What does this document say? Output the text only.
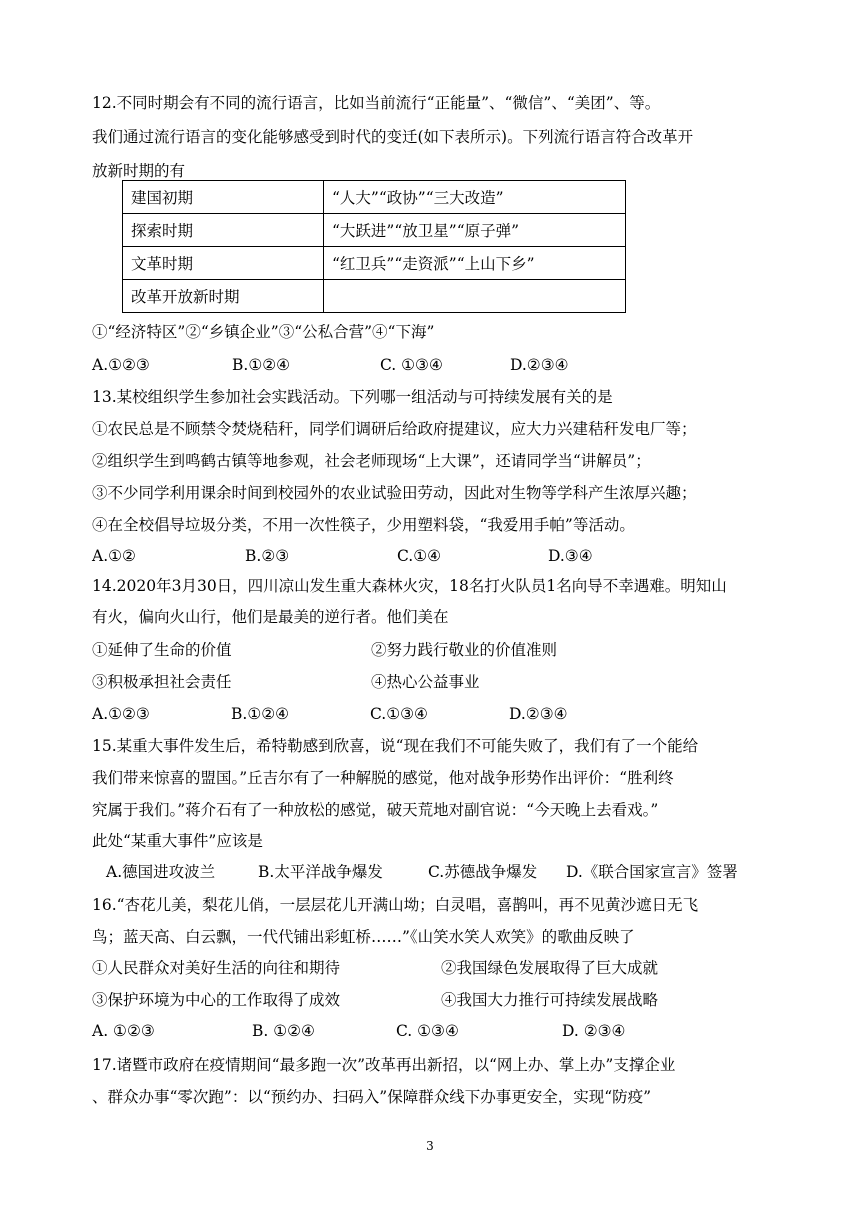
12.不同时期会有不同的流行语言，比如当前流行“正能量”、“微信”、“美团”、等。
我们通过流行语言的变化能够感受到时代的变迁(如下表所示)。下列流行语言符合改革开
放新时期的有
建国初期	“人大”“政协”“三大改造”
探索时期	“大跃进”“放卫星”“原子弹”
文革时期	“红卫兵”“走资派”“上山下乡”
改革开放新时期	
①“经济特区”②“乡镇企业”③“公私合营”④“下海”
A.①②③	B.①②④	C. ①③④	D.②③④
13.某校组织学生参加社会实践活动。下列哪一组活动与可持续发展有关的是
①农民总是不顾禁令焚烧秸秆，同学们调研后给政府提建议，应大力兴建秸秆发电厂等；
②组织学生到鸣鹤古镇等地参观，社会老师现场“上大课”，还请同学当“讲解员”；
③不少同学利用课余时间到校园外的农业试验田劳动，因此对生物等学科产生浓厚兴趣；
④在全校倡导垃圾分类，不用一次性筷子，少用塑料袋，“我爱用手帕”等活动。
A.①②	B.②③	C.①④	D.③④
14.2020年3月30日，四川凉山发生重大森林火灾，18名打火队员1名向导不幸遇难。明知山
有火，偏向火山行，他们是最美的逆行者。他们美在
①延伸了生命的价值	②努力践行敬业的价值准则
③积极承担社会责任	④热心公益事业
A.①②③	B.①②④	C.①③④	D.②③④
15.某重大事件发生后，希特勒感到欣喜，说“现在我们不可能失败了，我们有了一个能给
我们带来惊喜的盟国。”丘吉尔有了一种解脱的感觉，他对战争形势作出评价：“胜利终
究属于我们。”蒋介石有了一种放松的感觉，破天荒地对副官说：“今天晚上去看戏。”
此处“某重大事件”应该是
A.德国进攻波兰	B.太平洋战争爆发	C.苏德战争爆发 D.《联合国家宣言》签署
16.“杏花儿美，梨花儿俏，一层层花儿开满山坳；白灵唱，喜鹊叫，再不见黄沙遮日无飞
鸟；蓝天高、白云飘，一代代铺出彩虹桥……”《山笑水笑人欢笑》的歌曲反映了
①人民群众对美好生活的向往和期待	②我国绿色发展取得了巨大成就
③保护环境为中心的工作取得了成效	④我国大力推行可持续发展战略
A. ①②③	B. ①②④	C. ①③④	D. ②③④
17.诸暨市政府在疫情期间“最多跑一次”改革再出新招，以“网上办、掌上办”支撑企业
、群众办事“零次跑”：以“预约办、扫码入”保障群众线下办事更安全，实现“防疫”
3
